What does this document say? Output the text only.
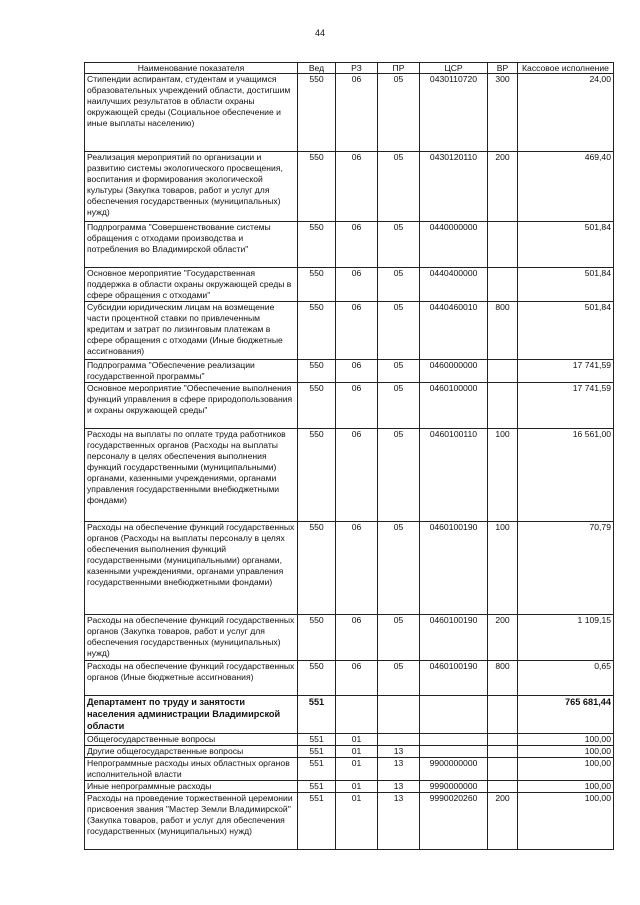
44
Наименование показателя	Вед	РЗ	ПР	ЦСР	ВР	Кассовое исполнение
Стипендии аспирантам, студентам и учащимся образовательных учреждений области, достигшим наилучших результатов в области охраны окружающей среды (Социальное обеспечение и иные выплаты населению)	550	06	05	0430110720	300	24,00
Реализация мероприятий по организации и развитию системы экологического просвещения, воспитания и формирования экологической культуры (Закупка товаров, работ и услуг для обеспечения государственных (муниципальных) нужд)	550	06	05	0430120110	200	469,40
Подпрограмма "Совершенствование системы обращения с отходами производства и потребления во Владимирской области"	550	06	05	0440000000		501,84
Основное мероприятие "Государственная поддержка в области охраны окружающей среды в сфере обращения с отходами"	550	06	05	0440400000		501,84
Субсидии юридическим лицам на возмещение части процентной ставки по привлеченным кредитам и затрат по лизинговым платежам в сфере обращения с отходами (Иные бюджетные ассигнования)	550	06	05	0440460010	800	501,84
Подпрограмма "Обеспечение реализации государственной программы"	550	06	05	0460000000		17 741,59
Основное мероприятие "Обеспечение выполнения функций управления в сфере природопользования и охраны окружающей среды"	550	06	05	0460100000		17 741,59
Расходы на выплаты по оплате труда работников государственных органов (Расходы на выплаты персоналу в целях обеспечения выполнения функций государственными (муниципальными) органами, казенными учреждениями, органами управления государственными внебюджетными фондами)	550	06	05	0460100110	100	16 561,00
Расходы на обеспечение функций государственных органов (Расходы на выплаты персоналу в целях обеспечения выполнения функций государственными (муниципальными) органами, казенными учреждениями, органами управления государственными внебюджетными фондами)	550	06	05	0460100190	100	70,79
Расходы на обеспечение функций государственных органов (Закупка товаров, работ и услуг для обеспечения государственных (муниципальных) нужд)	550	06	05	0460100190	200	1 109,15
Расходы на обеспечение функций государственных органов (Иные бюджетные ассигнования)	550	06	05	0460100190	800	0,65
Департамент по труду и занятости населения администрации Владимирской области	551					765 681,44
Общегосударственные вопросы	551	01				100,00
Другие общегосударственные вопросы	551	01	13			100,00
Непрограммные расходы иных областных органов исполнительной власти	551	01	13	9900000000		100,00
Иные непрограммные расходы	551	01	13	9990000000		100,00
Расходы на проведение торжественной церемонии присвоения звания "Мастер Земли Владимирской" (Закупка товаров, работ и услуг для обеспечения государственных (муниципальных) нужд)	551	01	13	9990020260	200	100,00
